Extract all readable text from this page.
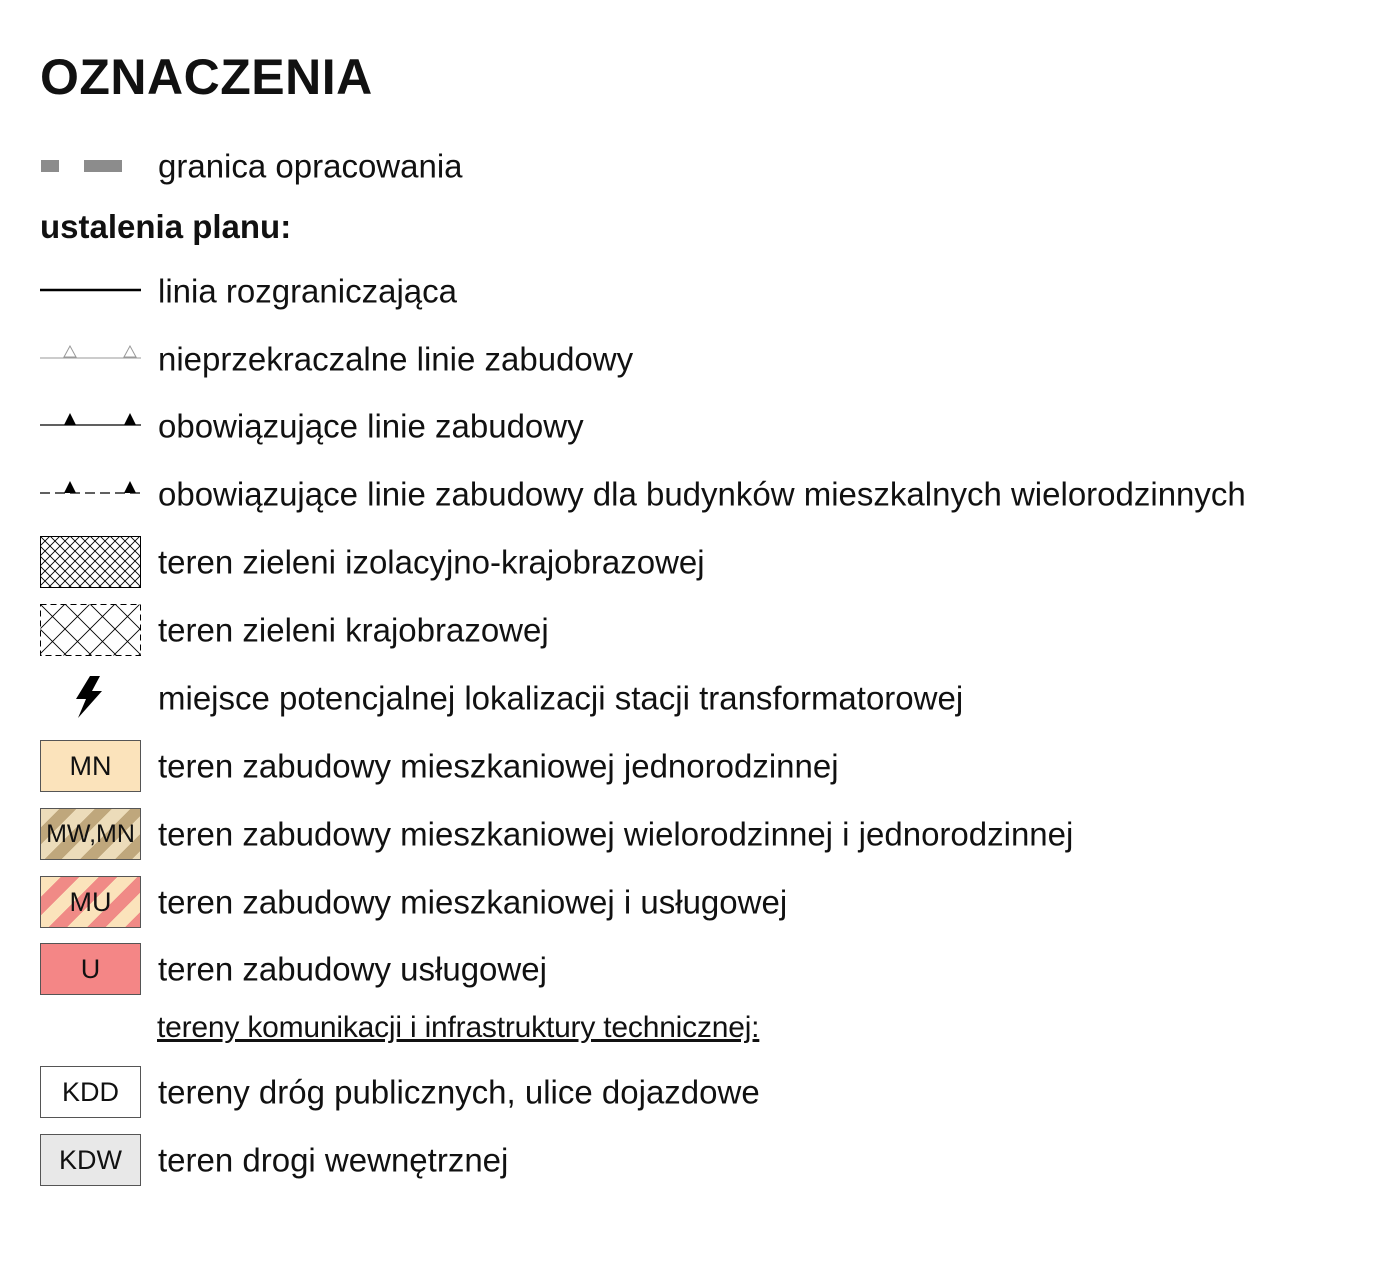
OZNACZENIA
granica opracowania
ustalenia planu:
linia rozgraniczająca
nieprzekraczalne linie zabudowy
obowiązujące linie zabudowy
obowiązujące linie zabudowy dla budynków mieszkalnych wielorodzinnych
teren zieleni izolacyjno-krajobrazowej
teren zieleni krajobrazowej
miejsce potencjalnej lokalizacji stacji transformatorowej
MN teren zabudowy mieszkaniowej jednorodzinnej
MW,MN teren zabudowy mieszkaniowej wielorodzinnej i jednorodzinnej
MU teren zabudowy mieszkaniowej i usługowej
U teren zabudowy usługowej
tereny komunikacji i infrastruktury technicznej:
KDD tereny dróg publicznych, ulice dojazdowe
KDW teren drogi wewnętrznej
